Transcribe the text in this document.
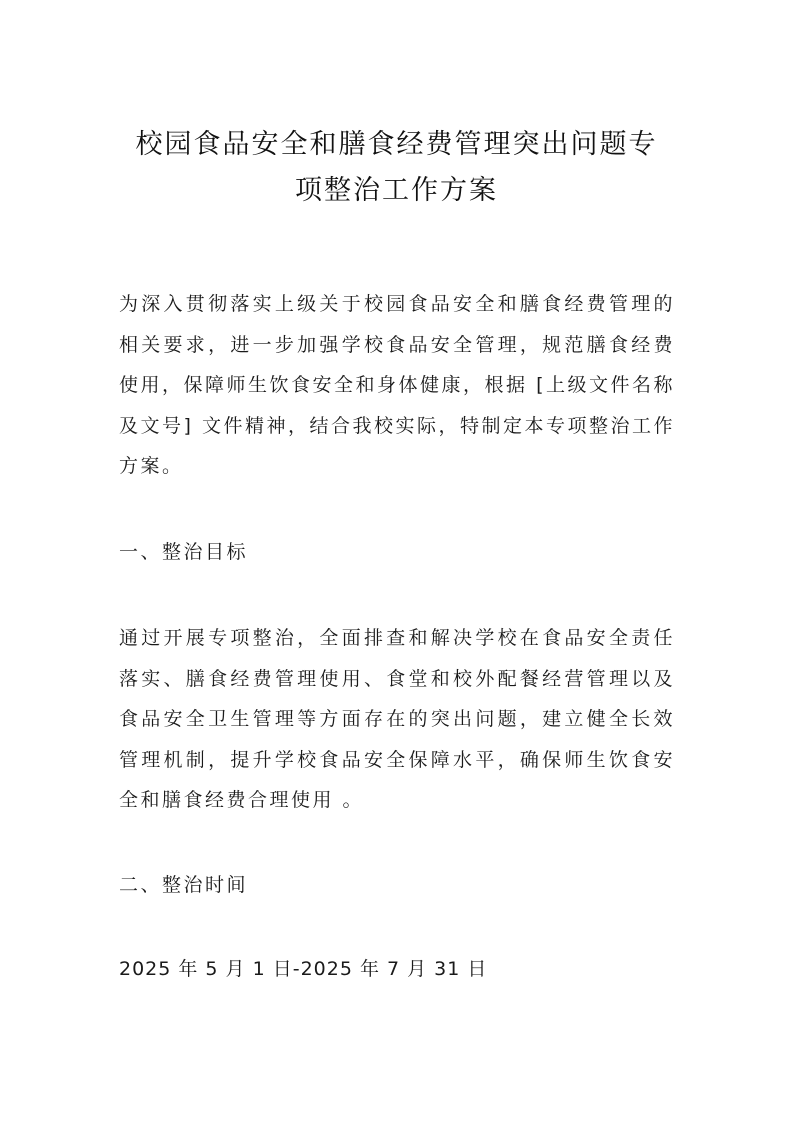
校园食品安全和膳食经费管理突出问题专
项整治工作方案

为深入贯彻落实上级关于校园食品安全和膳食经费管理的相关要求，进一步加强学校食品安全管理，规范膳食经费使用，保障师生饮食安全和身体健康，根据 [上级文件名称及文号] 文件精神，结合我校实际，特制定本专项整治工作方案。

一、整治目标

通过开展专项整治，全面排查和解决学校在食品安全责任落实、膳食经费管理使用、食堂和校外配餐经营管理以及食品安全卫生管理等方面存在的突出问题，建立健全长效管理机制，提升学校食品安全保障水平，确保师生饮食安全和膳食经费合理使用 。

二、整治时间
2025 年 5 月 1 日-2025 年 7 月 31 日
